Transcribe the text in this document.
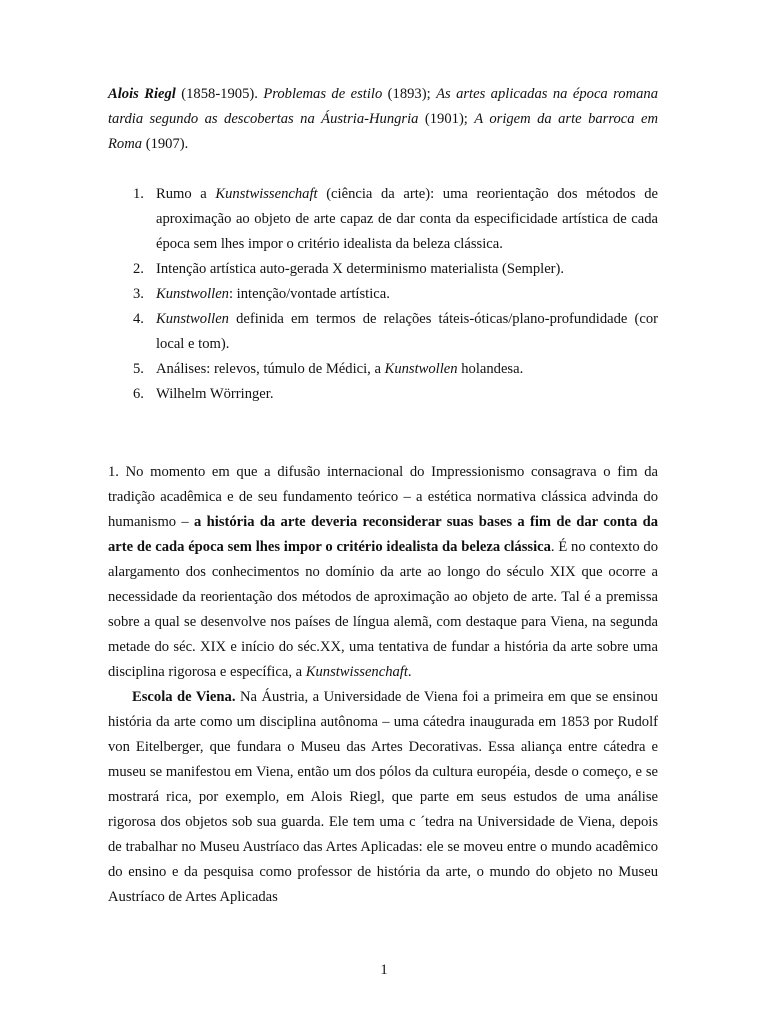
Alois Riegl (1858-1905). Problemas de estilo (1893); As artes aplicadas na época romana tardia segundo as descobertas na Áustria-Hungria (1901); A origem da arte barroca em Roma (1907).
1. Rumo a Kunstwissenchaft (ciência da arte): uma reorientação dos métodos de aproximação ao objeto de arte capaz de dar conta da especificidade artística de cada época sem lhes impor o critério idealista da beleza clássica.
2. Intenção artística auto-gerada X determinismo materialista (Sempler).
3. Kunstwollen: intenção/vontade artística.
4. Kunstwollen definida em termos de relações táteis-óticas/plano-profundidade (cor local e tom).
5. Análises: relevos, túmulo de Médici, a Kunstwollen holandesa.
6. Wilhelm Wörringer.

1. No momento em que a difusão internacional do Impressionismo consagrava o fim da tradição acadêmica e de seu fundamento teórico – a estética normativa clássica advinda do humanismo – a história da arte deveria reconsiderar suas bases a fim de dar conta da arte de cada época sem lhes impor o critério idealista da beleza clássica. É no contexto do alargamento dos conhecimentos no domínio da arte ao longo do século XIX que ocorre a necessidade da reorientação dos métodos de aproximação ao objeto de arte. Tal é a premissa sobre a qual se desenvolve nos países de língua alemã, com destaque para Viena, na segunda metade do séc. XIX e início do séc.XX, uma tentativa de fundar a história da arte sobre uma disciplina rigorosa e específica, a Kunstwissenchaft.

Escola de Viena. Na Áustria, a Universidade de Viena foi a primeira em que se ensinou história da arte como um disciplina autônoma – uma cátedra inaugurada em 1853 por Rudolf von Eitelberger, que fundara o Museu das Artes Decorativas. Essa aliança entre cátedra e museu se manifestou em Viena, então um dos pólos da cultura européia, desde o começo, e se mostrará rica, por exemplo, em Alois Riegl, que parte em seus estudos de uma análise rigorosa dos objetos sob sua guarda. Ele tem uma c ´tedra na Universidade de Viena, depois de trabalhar no Museu Austríaco das Artes Aplicadas: ele se moveu entre o mundo acadêmico do ensino e da pesquisa como professor de história da arte, o mundo do objeto no Museu Austríaco de Artes Aplicadas

1
